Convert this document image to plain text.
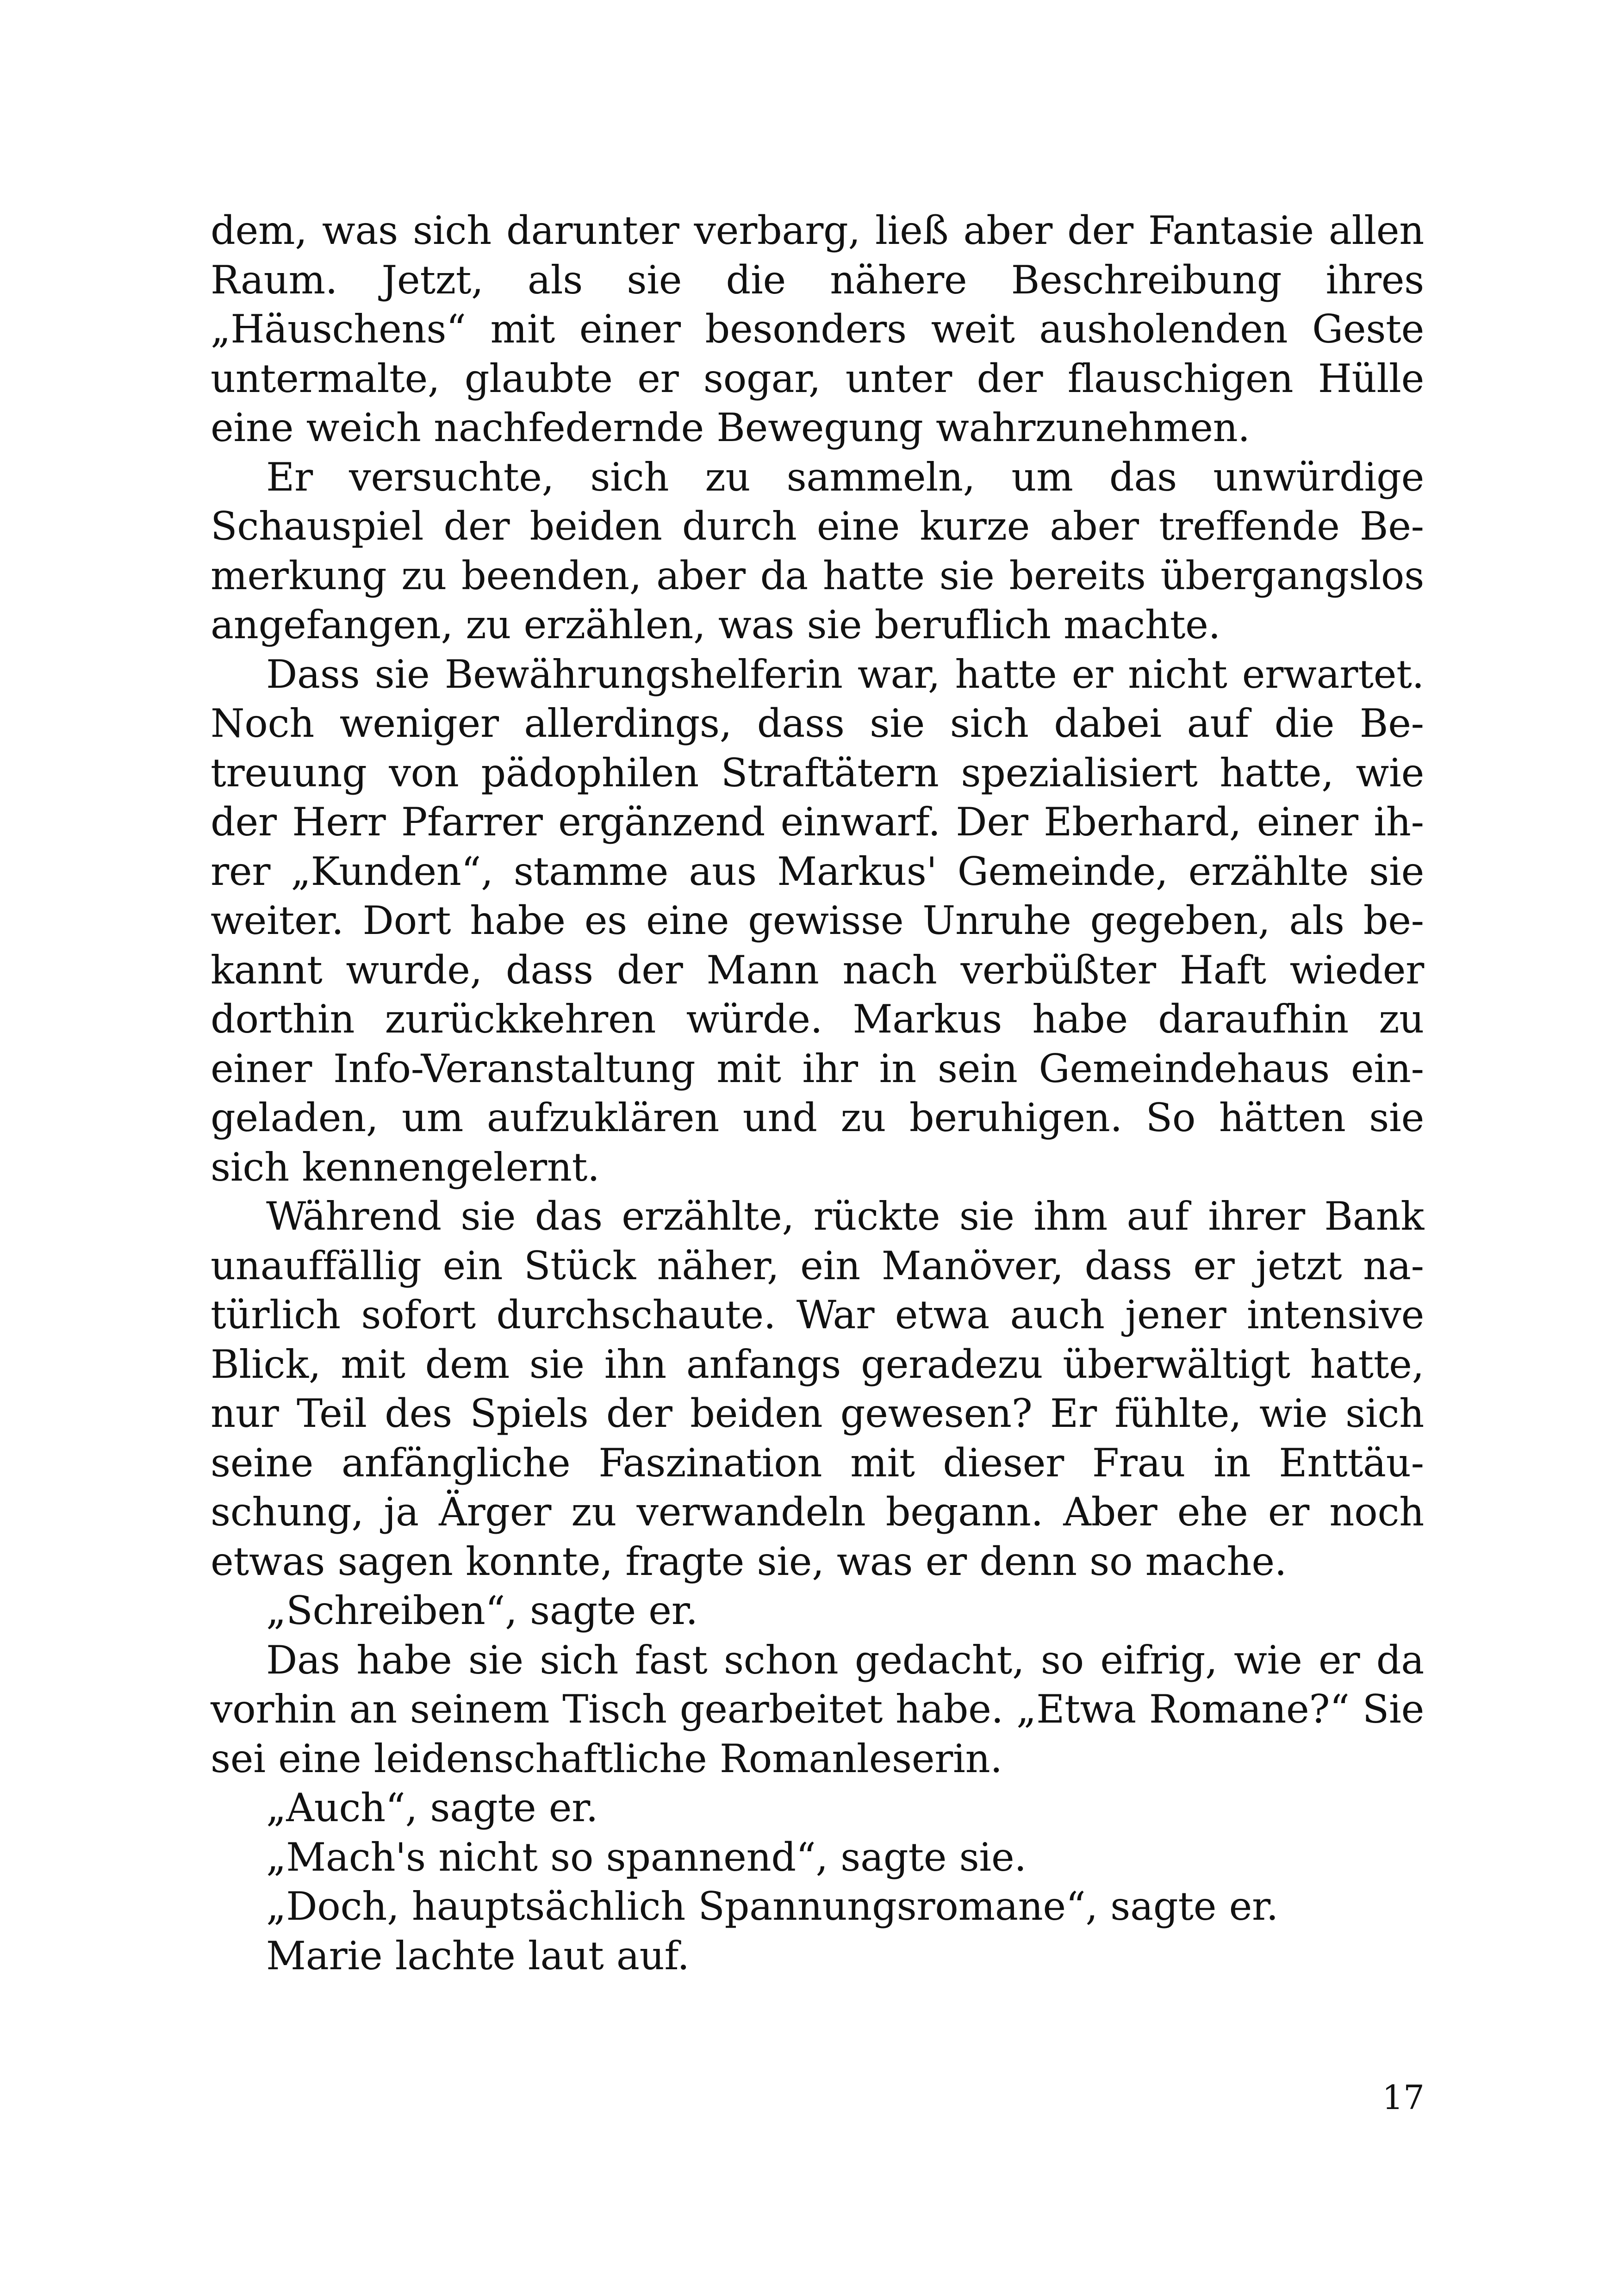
dem, was sich darunter verbarg, ließ aber der Fantasie allen Raum. Jetzt, als sie die nähere Beschreibung ihres „Häuschens“ mit einer besonders weit ausholenden Geste untermalte, glaubte er sogar, unter der flauschigen Hülle eine weich nachfedernde Bewegung wahrzunehmen.

Er versuchte, sich zu sammeln, um das unwürdige Schauspiel der beiden durch eine kurze aber treffende Bemerkung zu beenden, aber da hatte sie bereits übergangslos angefangen, zu erzählen, was sie beruflich machte.

Dass sie Bewährungshelferin war, hatte er nicht erwartet. Noch weniger allerdings, dass sie sich dabei auf die Betreuung von pädophilen Straftätern spezialisiert hatte, wie der Herr Pfarrer ergänzend einwarf. Der Eberhard, einer ihrer „Kunden“, stamme aus Markus' Gemeinde, erzählte sie weiter. Dort habe es eine gewisse Unruhe gegeben, als bekannt wurde, dass der Mann nach verbüßter Haft wieder dorthin zurückkehren würde. Markus habe daraufhin zu einer Info-Veranstaltung mit ihr in sein Gemeindehaus eingeladen, um aufzuklären und zu beruhigen. So hätten sie sich kennengelernt.

Während sie das erzählte, rückte sie ihm auf ihrer Bank unauffällig ein Stück näher, ein Manöver, dass er jetzt natürlich sofort durchschaute. War etwa auch jener intensive Blick, mit dem sie ihn anfangs geradezu überwältigt hatte, nur Teil des Spiels der beiden gewesen? Er fühlte, wie sich seine anfängliche Faszination mit dieser Frau in Enttäuschung, ja Ärger zu verwandeln begann. Aber ehe er noch etwas sagen konnte, fragte sie, was er denn so mache.

„Schreiben“, sagte er.

Das habe sie sich fast schon gedacht, so eifrig, wie er da vorhin an seinem Tisch gearbeitet habe. „Etwa Romane?“ Sie sei eine leidenschaftliche Romanleserin.

„Auch“, sagte er.

„Mach's nicht so spannend“, sagte sie.

„Doch, hauptsächlich Spannungsromane“, sagte er.

Marie lachte laut auf.

17
